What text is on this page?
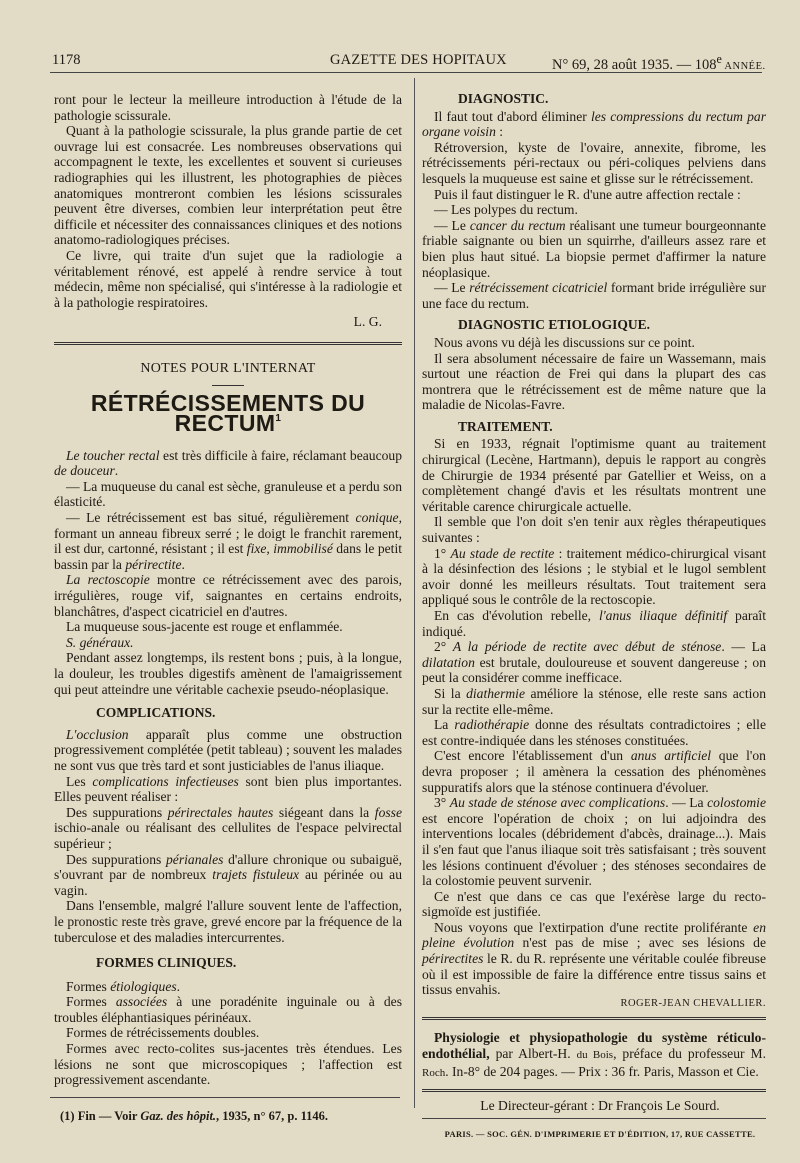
1178	GAZETTE DES HOPITAUX	N° 69, 28 août 1935. — 108e ANNÉE.

ront pour le lecteur la meilleure introduction à l'étude de la pathologie scissurale.

Quant à la pathologie scissurale, la plus grande partie de cet ouvrage lui est consacrée. Les nombreuses observations qui accompagnent le texte, les excellentes et souvent si curieuses radiographies qui les illustrent, les photographies de pièces anatomiques montreront combien les lésions scissurales peuvent être diverses, combien leur interprétation peut être difficile et nécessiter des connaissances cliniques et des notions anatomo-radiologiques précises.

Ce livre, qui traite d'un sujet que la radiologie a véritablement rénové, est appelé à rendre service à tout médecin, même non spécialisé, qui s'intéresse à la radiologie et à la pathologie respiratoires.

L. G.
NOTES POUR L'INTERNAT
RÉTRÉCISSEMENTS DU RECTUM$^1$

Le toucher rectal est très difficile à faire, réclamant beaucoup de douceur.

— La muqueuse du canal est sèche, granuleuse et a perdu son élasticité.

— Le rétrécissement est bas situé, régulièrement conique, formant un anneau fibreux serré ; le doigt le franchit rarement, il est dur, cartonné, résistant ; il est fixe, immobilisé dans le petit bassin par la périrectite.

La rectoscopie montre ce rétrécissement avec des parois, irrégulières, rouge vif, saignantes en certains endroits, blanchâtres, d'aspect cicatriciel en d'autres.

La muqueuse sous-jacente est rouge et enflammée.

S. généraux.

Pendant assez longtemps, ils restent bons ; puis, à la longue, la douleur, les troubles digestifs amènent de l'amaigrissement qui peut atteindre une véritable cachexie pseudo-néoplasique.

COMPLICATIONS.

L'occlusion apparaît plus comme une obstruction progressivement complétée (petit tableau) ; souvent les malades ne sont vus que très tard et sont justiciables de l'anus iliaque.

Les complications infectieuses sont bien plus importantes. Elles peuvent réaliser :

Des suppurations périrectales hautes siégeant dans la fosse ischio-anale ou réalisant des cellulites de l'espace pelvirectal supérieur ;

Des suppurations périanales d'allure chronique ou subaiguë, s'ouvrant par de nombreux trajets fistuleux au périnée ou au vagin.

Dans l'ensemble, malgré l'allure souvent lente de l'affection, le pronostic reste très grave, grevé encore par la fréquence de la tuberculose et des maladies intercurrentes.

FORMES CLINIQUES.

Formes étiologiques.

Formes associées à une poradénite inguinale ou à des troubles éléphantiasiques périnéaux.

Formes de rétrécissements doubles.

Formes avec recto-colites sus-jacentes très étendues. Les lésions ne sont que microscopiques ; l'affection est progressivement ascendante.

(1) Fin — Voir Gaz. des hôpit., 1935, n° 67, p. 1146.
DIAGNOSTIC.

Il faut tout d'abord éliminer les compressions du rectum par organe voisin :

Rétroversion, kyste de l'ovaire, annexite, fibrome, les rétrécissements péri-rectaux ou péri-coliques pelviens dans lesquels la muqueuse est saine et glisse sur le rétrécissement.

Puis il faut distinguer le R. d'une autre affection rectale :

— Les polypes du rectum.

— Le cancer du rectum réalisant une tumeur bourgeonnante friable saignante ou bien un squirrhe, d'ailleurs assez rare et bien plus haut situé. La biopsie permet d'affirmer la nature néoplasique.

— Le rétrécissement cicatriciel formant bride irrégulière sur une face du rectum.

DIAGNOSTIC ETIOLOGIQUE.

Nous avons vu déjà les discussions sur ce point.

Il sera absolument nécessaire de faire un Wassemann, mais surtout une réaction de Frei qui dans la plupart des cas montrera que le rétrécissement est de même nature que la maladie de Nicolas-Favre.

TRAITEMENT.

Si en 1933, régnait l'optimisme quant au traitement chirurgical (Lecène, Hartmann), depuis le rapport au congrès de Chirurgie de 1934 présenté par Gatellier et Weiss, on a complètement changé d'avis et les résultats montrent une véritable carence chirurgicale actuelle.

Il semble que l'on doit s'en tenir aux règles thérapeutiques suivantes :

1° Au stade de rectite : traitement médico-chirurgical visant à la désinfection des lésions ; le stybial et le lugol semblent avoir donné les meilleurs résultats. Tout traitement sera appliqué sous le contrôle de la rectoscopie.

En cas d'évolution rebelle, l'anus iliaque définitif paraît indiqué.

2° A la période de rectite avec début de sténose. — La dilatation est brutale, douloureuse et souvent dangereuse ; on peut la considérer comme inefficace.

Si la diathermie améliore la sténose, elle reste sans action sur la rectite elle-même.

La radiothérapie donne des résultats contradictoires ; elle est contre-indiquée dans les sténoses constituées.

C'est encore l'établissement d'un anus artificiel que l'on devra proposer ; il amènera la cessation des phénomènes suppuratifs alors que la sténose continuera d'évoluer.

3° Au stade de sténose avec complications. — La colostomie est encore l'opération de choix ; on lui adjoindra des interventions locales (débridement d'abcès, drainage...). Mais il s'en faut que l'anus iliaque soit très satisfaisant ; très souvent les lésions continuent d'évoluer ; des sténoses secondaires de la colostomie peuvent survenir.

Ce n'est que dans ce cas que l'exérèse large du recto-sigmoïde est justifiée.

Nous voyons que l'extirpation d'une rectite proliférante en pleine évolution n'est pas de mise ; avec ses lésions de périrectites le R. du R. représente une véritable coulée fibreuse où il est impossible de faire la différence entre tissus sains et tissus envahis.

ROGER-JEAN CHEVALLIER.

Physiologie et physiopathologie du système réticulo-endothélial, par Albert-H. du Bois, préface du professeur M. Roch. In-8° de 204 pages. — Prix : 36 fr. Paris, Masson et Cie.

Le Directeur-gérant : Dr François Le Sourd.

PARIS. — SOC. GÉN. D'IMPRIMERIE ET D'ÉDITION, 17, RUE CASSETTE.
